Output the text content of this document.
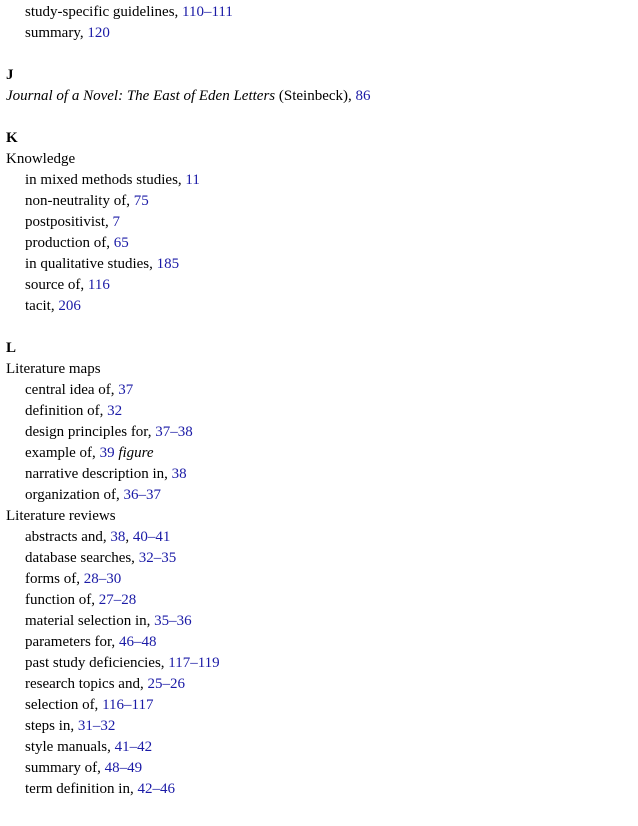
study-specific guidelines, 110–111
summary, 120
J
Journal of a Novel: The East of Eden Letters (Steinbeck), 86
K
Knowledge
in mixed methods studies, 11
non-neutrality of, 75
postpositivist, 7
production of, 65
in qualitative studies, 185
source of, 116
tacit, 206
L
Literature maps
central idea of, 37
definition of, 32
design principles for, 37–38
example of, 39 figure
narrative description in, 38
organization of, 36–37
Literature reviews
abstracts and, 38, 40–41
database searches, 32–35
forms of, 28–30
function of, 27–28
material selection in, 35–36
parameters for, 46–48
past study deficiencies, 117–119
research topics and, 25–26
selection of, 116–117
steps in, 31–32
style manuals, 41–42
summary of, 48–49
term definition in, 42–46
